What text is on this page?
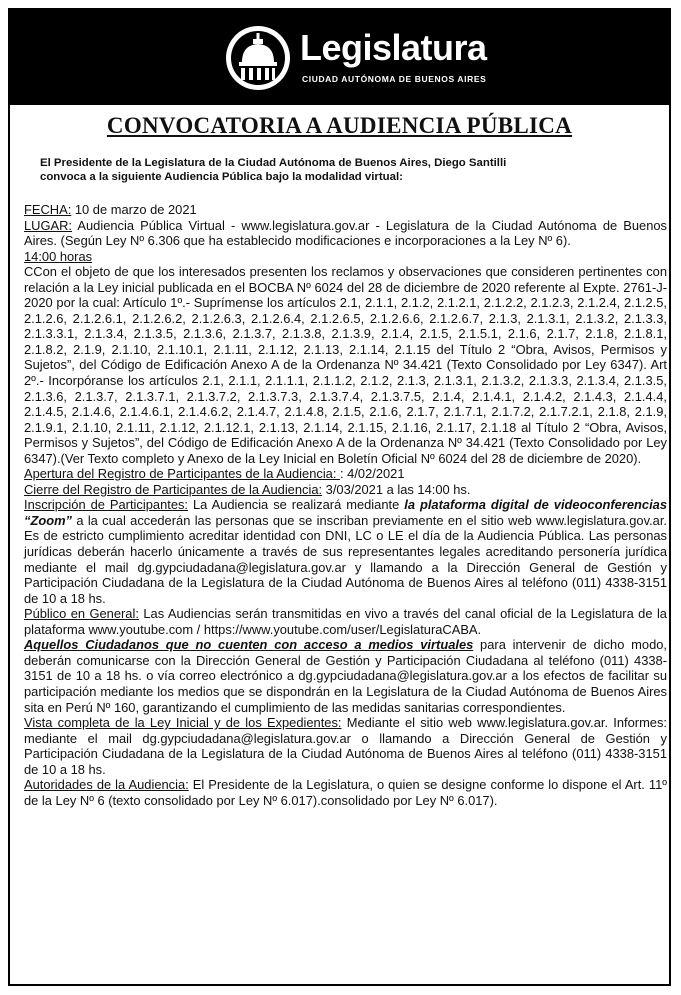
Legislatura
CIUDAD AUTÓNOMA DE BUENOS AIRES
CONVOCATORIA A AUDIENCIA PÚBLICA
El Presidente de la Legislatura de la Ciudad Autónoma de Buenos Aires, Diego Santilli
convoca a la siguiente Audiencia Pública bajo la modalidad virtual:

FECHA: 10 de marzo de 2021

LUGAR: Audiencia Pública Virtual - www.legislatura.gov.ar - Legislatura de la Ciudad Autónoma de Buenos Aires. (Según Ley Nº 6.306 que ha establecido modificaciones e incorporaciones a la Ley Nº 6).

14:00 horas

CCon el objeto de que los interesados presenten los reclamos y observaciones que consideren pertinentes con relación a la Ley inicial publicada en el BOCBA Nº 6024 del 28 de diciembre de 2020 referente al Expte. 2761-J-2020 por la cual: Artículo 1º.- Suprímense los artículos 2.1, 2.1.1, 2.1.2, 2.1.2.1, 2.1.2.2, 2.1.2.3, 2.1.2.4, 2.1.2.5, 2.1.2.6, 2.1.2.6.1, 2.1.2.6.2, 2.1.2.6.3, 2.1.2.6.4, 2.1.2.6.5, 2.1.2.6.6, 2.1.2.6.7, 2.1.3, 2.1.3.1, 2.1.3.2, 2.1.3.3, 2.1.3.3.1, 2.1.3.4, 2.1.3.5, 2.1.3.6, 2.1.3.7, 2.1.3.8, 2.1.3.9, 2.1.4, 2.1.5, 2.1.5.1, 2.1.6, 2.1.7, 2.1.8, 2.1.8.1, 2.1.8.2, 2.1.9, 2.1.10, 2.1.10.1, 2.1.11, 2.1.12, 2.1.13, 2.1.14, 2.1.15 del Título 2 “Obra, Avisos, Permisos y Sujetos”, del Código de Edificación Anexo A de la Ordenanza Nº 34.421 (Texto Consolidado por Ley 6347). Art 2º.- Incorpóranse los artículos 2.1, 2.1.1, 2.1.1.1, 2.1.1.2, 2.1.2, 2.1.3, 2.1.3.1, 2.1.3.2, 2.1.3.3, 2.1.3.4, 2.1.3.5, 2.1.3.6, 2.1.3.7, 2.1.3.7.1, 2.1.3.7.2, 2.1.3.7.3, 2.1.3.7.4, 2.1.3.7.5, 2.1.4, 2.1.4.1, 2.1.4.2, 2.1.4.3, 2.1.4.4, 2.1.4.5, 2.1.4.6, 2.1.4.6.1, 2.1.4.6.2, 2.1.4.7, 2.1.4.8, 2.1.5, 2.1.6, 2.1.7, 2.1.7.1, 2.1.7.2, 2.1.7.2.1, 2.1.8, 2.1.9, 2.1.9.1, 2.1.10, 2.1.11, 2.1.12, 2.1.12.1, 2.1.13, 2.1.14, 2.1.15, 2.1.16, 2.1.17, 2.1.18 al Título 2 “Obra, Avisos, Permisos y Sujetos”, del Código de Edificación Anexo A de la Ordenanza Nº 34.421 (Texto Consolidado por Ley 6347).(Ver Texto completo y Anexo de la Ley Inicial en Boletín Oficial Nº 6024 del 28 de diciembre de 2020).

Apertura del Registro de Participantes de la Audiencia: : 4/02/2021

Cierre del Registro de Participantes de la Audiencia: 3/03/2021 a las 14:00 hs.

Inscripción de Participantes: La Audiencia se realizará mediante la plataforma digital de videoconferencias “Zoom” a la cual accederán las personas que se inscriban previamente en el sitio web www.legislatura.gov.ar. Es de estricto cumplimiento acreditar identidad con DNI, LC o LE el día de la Audiencia Pública. Las personas jurídicas deberán hacerlo únicamente a través de sus representantes legales acreditando personería jurídica mediante el mail dg.gypciudadana@legislatura.gov.ar y llamando a la Dirección General de Gestión y Participación Ciudadana de la Legislatura de la Ciudad Autónoma de Buenos Aires al teléfono (011) 4338-3151 de 10 a 18 hs.

Público en General: Las Audiencias serán transmitidas en vivo a través del canal oficial de la Legislatura de la plataforma www.youtube.com / https://www.youtube.com/user/LegislaturaCABA.

Aquellos Ciudadanos que no cuenten con acceso a medios virtuales para intervenir de dicho modo, deberán comunicarse con la Dirección General de Gestión y Participación Ciudadana al teléfono (011) 4338-3151 de 10 a 18 hs. o vía correo electrónico a dg.gypciudadana@legislatura.gov.ar a los efectos de facilitar su participación mediante los medios que se dispondrán en la Legislatura de la Ciudad Autónoma de Buenos Aires sita en Perú Nº 160, garantizando el cumplimiento de las medidas sanitarias correspondientes.

Vista completa de la Ley Inicial y de los Expedientes: Mediante el sitio web www.legislatura.gov.ar. Informes: mediante el mail dg.gypciudadana@legislatura.gov.ar o llamando a Dirección General de Gestión y Participación Ciudadana de la Legislatura de la Ciudad Autónoma de Buenos Aires al teléfono (011) 4338-3151 de 10 a 18 hs.

Autoridades de la Audiencia: El Presidente de la Legislatura, o quien se designe conforme lo dispone el Art. 11º de la Ley Nº 6 (texto consolidado por Ley Nº 6.017).consolidado por Ley Nº 6.017).
